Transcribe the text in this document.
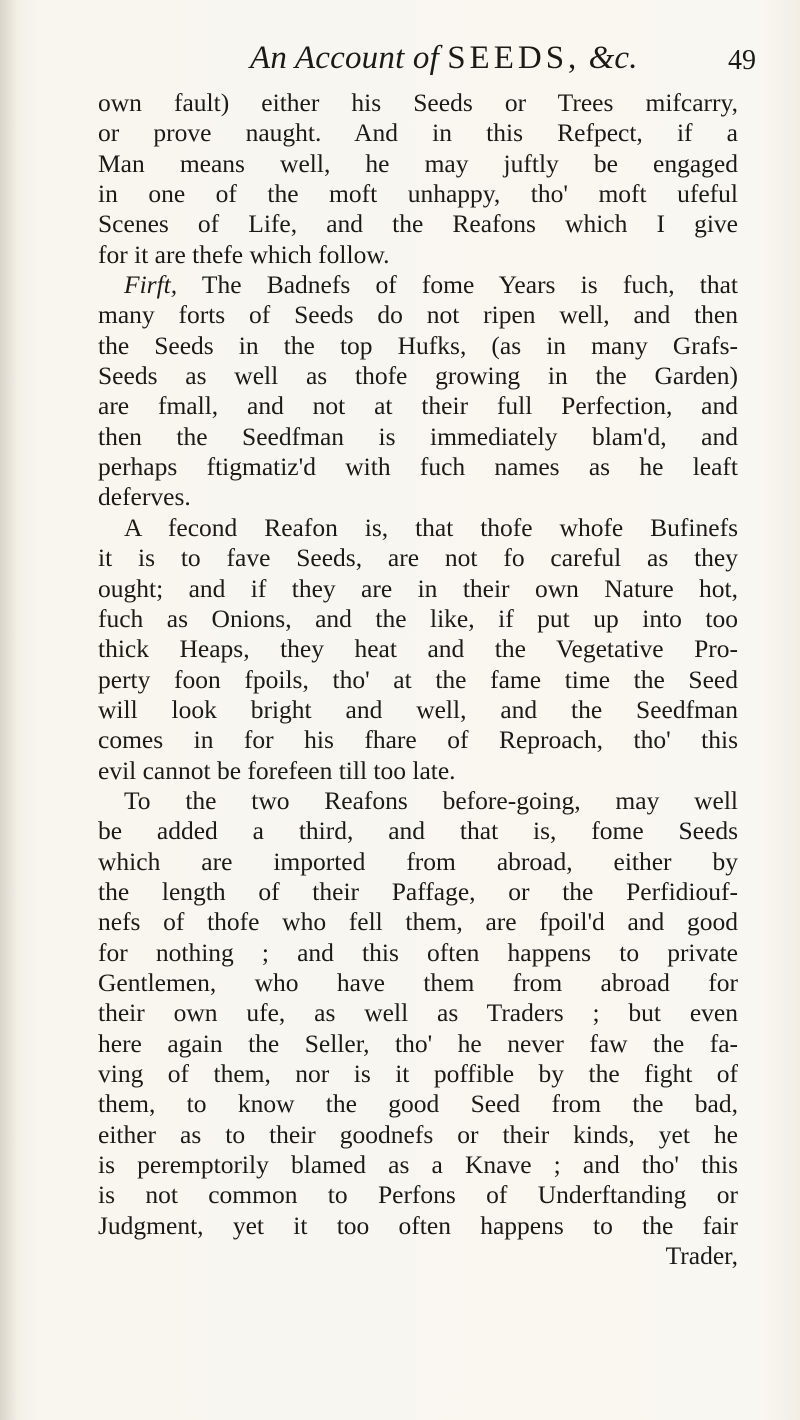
An Account of SEEDS, &c.	49
own fault) either his Seeds or Trees mifcarry,
or prove naught. And in this Refpect, if a
Man means well, he may juftly be engaged
in one of the moft unhappy, tho' moft ufeful
Scenes of Life, and the Reafons which I give
for it are thefe which follow.
Firft, The Badnefs of fome Years is fuch, that
many forts of Seeds do not ripen well, and then
the Seeds in the top Hufks, (as in many Grafs-
Seeds as well as thofe growing in the Garden)
are fmall, and not at their full Perfection, and
then the Seedfman is immediately blam'd, and
perhaps ftigmatiz'd with fuch names as he leaft
deferves.
A fecond Reafon is, that thofe whofe Bufinefs
it is to fave Seeds, are not fo careful as they
ought; and if they are in their own Nature hot,
fuch as Onions, and the like, if put up into too
thick Heaps, they heat and the Vegetative Pro-
perty foon fpoils, tho' at the fame time the Seed
will look bright and well, and the Seedfman
comes in for his fhare of Reproach, tho' this
evil cannot be forefeen till too late.
To the two Reafons before-going, may well
be added a third, and that is, fome Seeds
which are imported from abroad, either by
the length of their Paffage, or the Perfidiouf-
nefs of thofe who fell them, are fpoil'd and good
for nothing ; and this often happens to private
Gentlemen, who have them from abroad for
their own ufe, as well as Traders ; but even
here again the Seller, tho' he never faw the fa-
ving of them, nor is it poffible by the fight of
them, to know the good Seed from the bad,
either as to their goodnefs or their kinds, yet he
is peremptorily blamed as a Knave ; and tho' this
is not common to Perfons of Underftanding or
Judgment, yet it too often happens to the fair
Trader,
